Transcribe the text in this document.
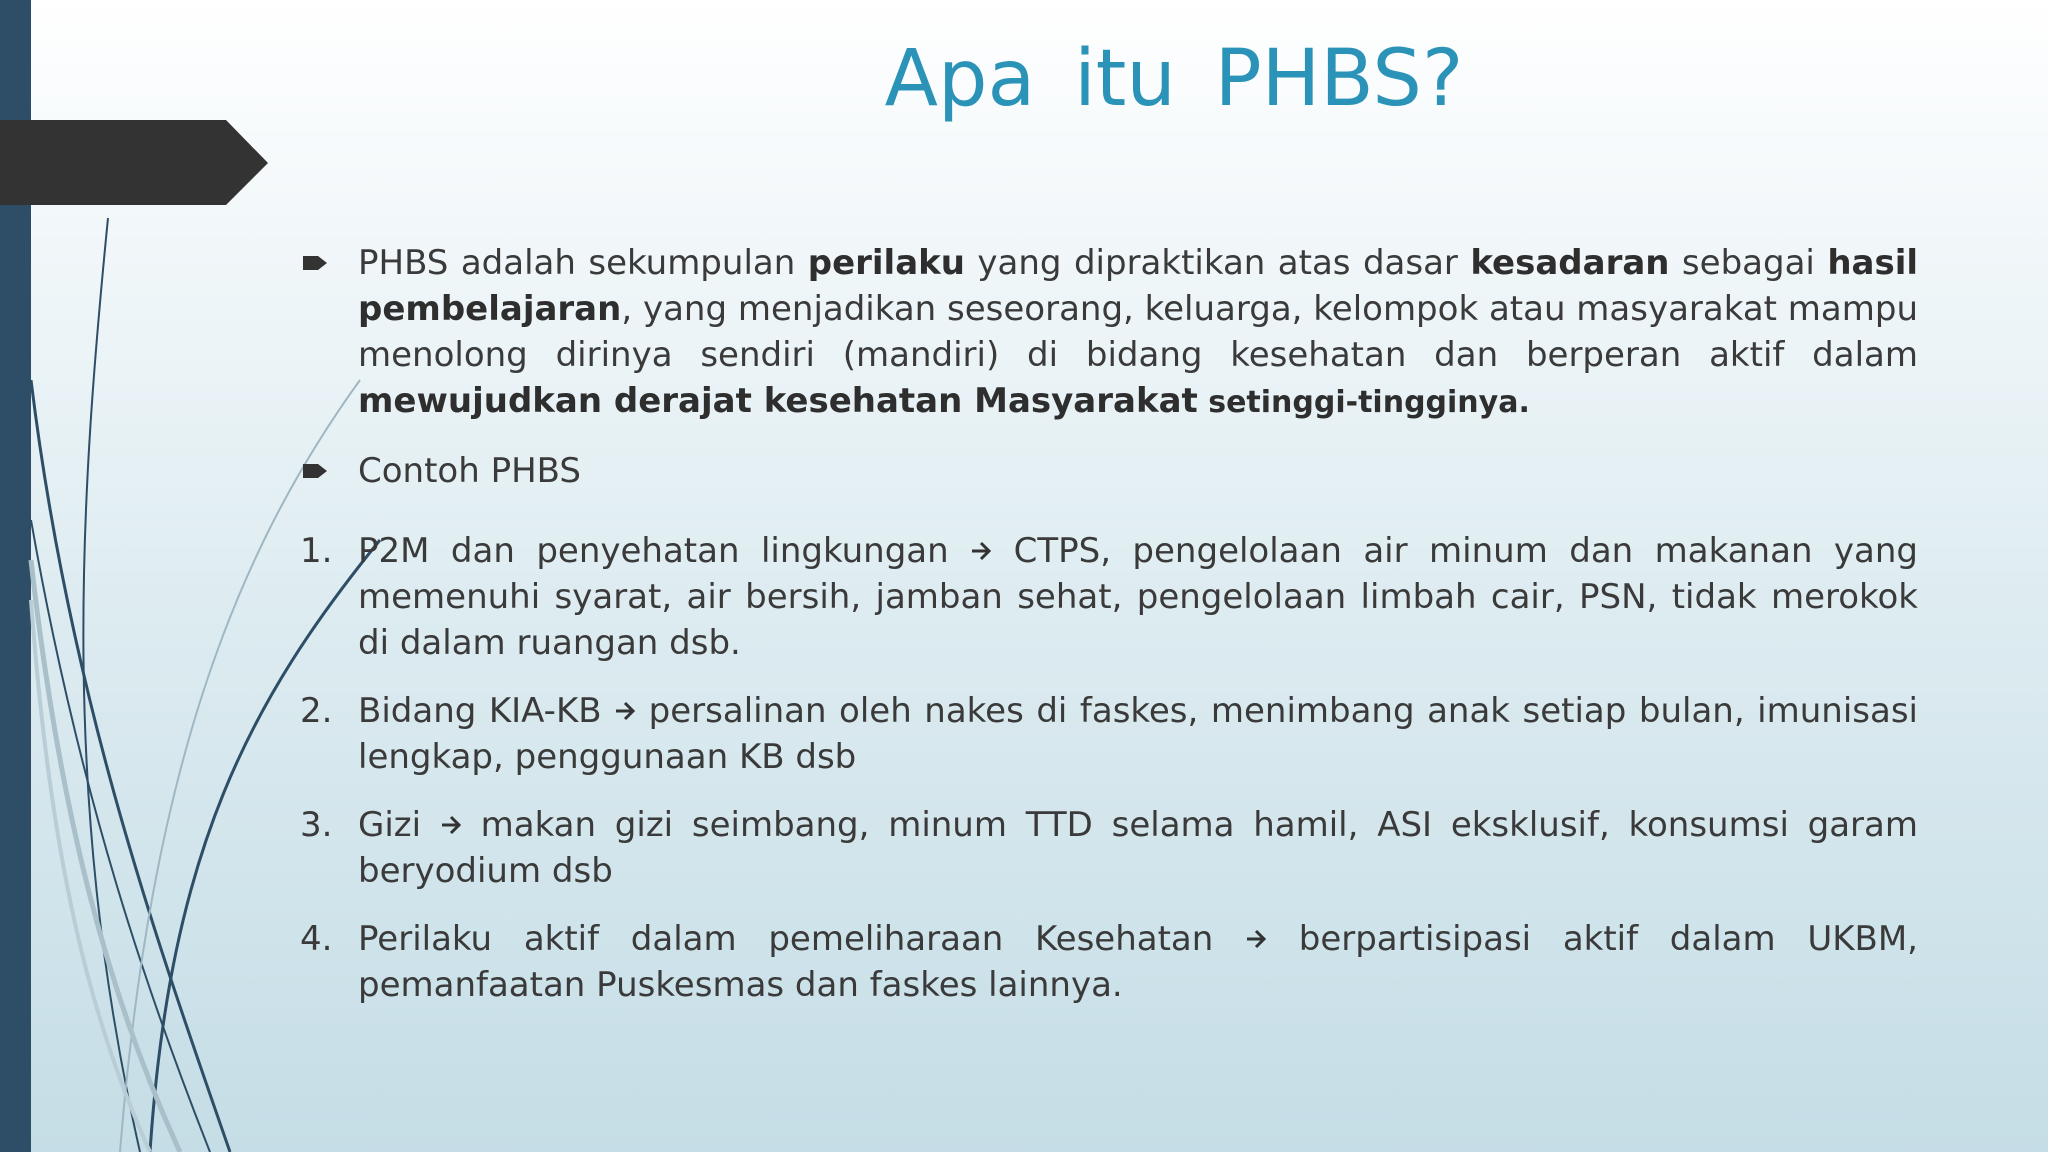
Apa itu PHBS?
PHBS adalah sekumpulan perilaku yang dipraktikan atas dasar kesadaran sebagai hasil pembelajaran, yang menjadikan seseorang, keluarga, kelompok atau masyarakat mampu menolong dirinya sendiri (mandiri) di bidang kesehatan dan berperan aktif dalam mewujudkan derajat kesehatan Masyarakat setinggi-tingginya.
Contoh PHBS
1. P2M dan penyehatan lingkungan CTPS, pengelolaan air minum dan makanan yang memenuhi syarat, air bersih, jamban sehat, pengelolaan limbah cair, PSN, tidak merokok di dalam ruangan dsb.
2. Bidang KIA-KB persalinan oleh nakes di faskes, menimbang anak setiap bulan, imunisasi lengkap, penggunaan KB dsb
3. Gizi makan gizi seimbang, minum TTD selama hamil, ASI eksklusif, konsumsi garam beryodium dsb
4. Perilaku aktif dalam pemeliharaan Kesehatan	berpartisipasi aktif dalam UKBM, pemanfaatan Puskesmas dan faskes lainnya.
